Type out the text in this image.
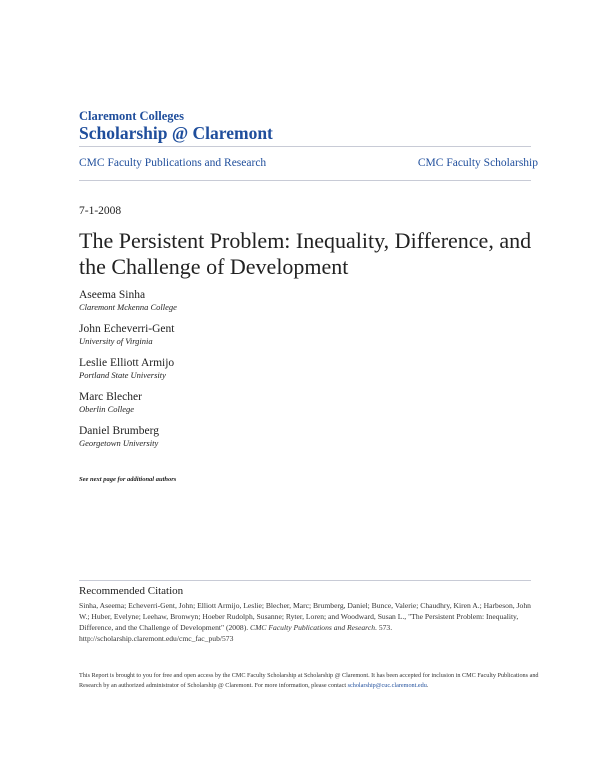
Claremont Colleges
Scholarship @ Claremont
CMC Faculty Publications and Research	CMC Faculty Scholarship
7-1-2008
The Persistent Problem: Inequality, Difference, and the Challenge of Development
Aseema Sinha
Claremont Mckenna College
John Echeverri-Gent
University of Virginia
Leslie Elliott Armijo
Portland State University
Marc Blecher
Oberlin College
Daniel Brumberg
Georgetown University
See next page for additional authors
Recommended Citation

Sinha, Aseema; Echeverri-Gent, John; Elliott Armijo, Leslie; Blecher, Marc; Brumberg, Daniel; Bunce, Valerie; Chaudhry, Kiren A.; Harbeson, John W.; Huber, Evelyne; Leehaw, Bronwyn; Hoeber Rudolph, Susanne; Ryter, Loren; and Woodward, Susan L., "The Persistent Problem: Inequality, Difference, and the Challenge of Development" (2008). CMC Faculty Publications and Research. 573.
http://scholarship.claremont.edu/cmc_fac_pub/573

This Report is brought to you for free and open access by the CMC Faculty Scholarship at Scholarship @ Claremont. It has been accepted for inclusion in CMC Faculty Publications and Research by an authorized administrator of Scholarship @ Claremont. For more information, please contact scholarship@cuc.claremont.edu.
